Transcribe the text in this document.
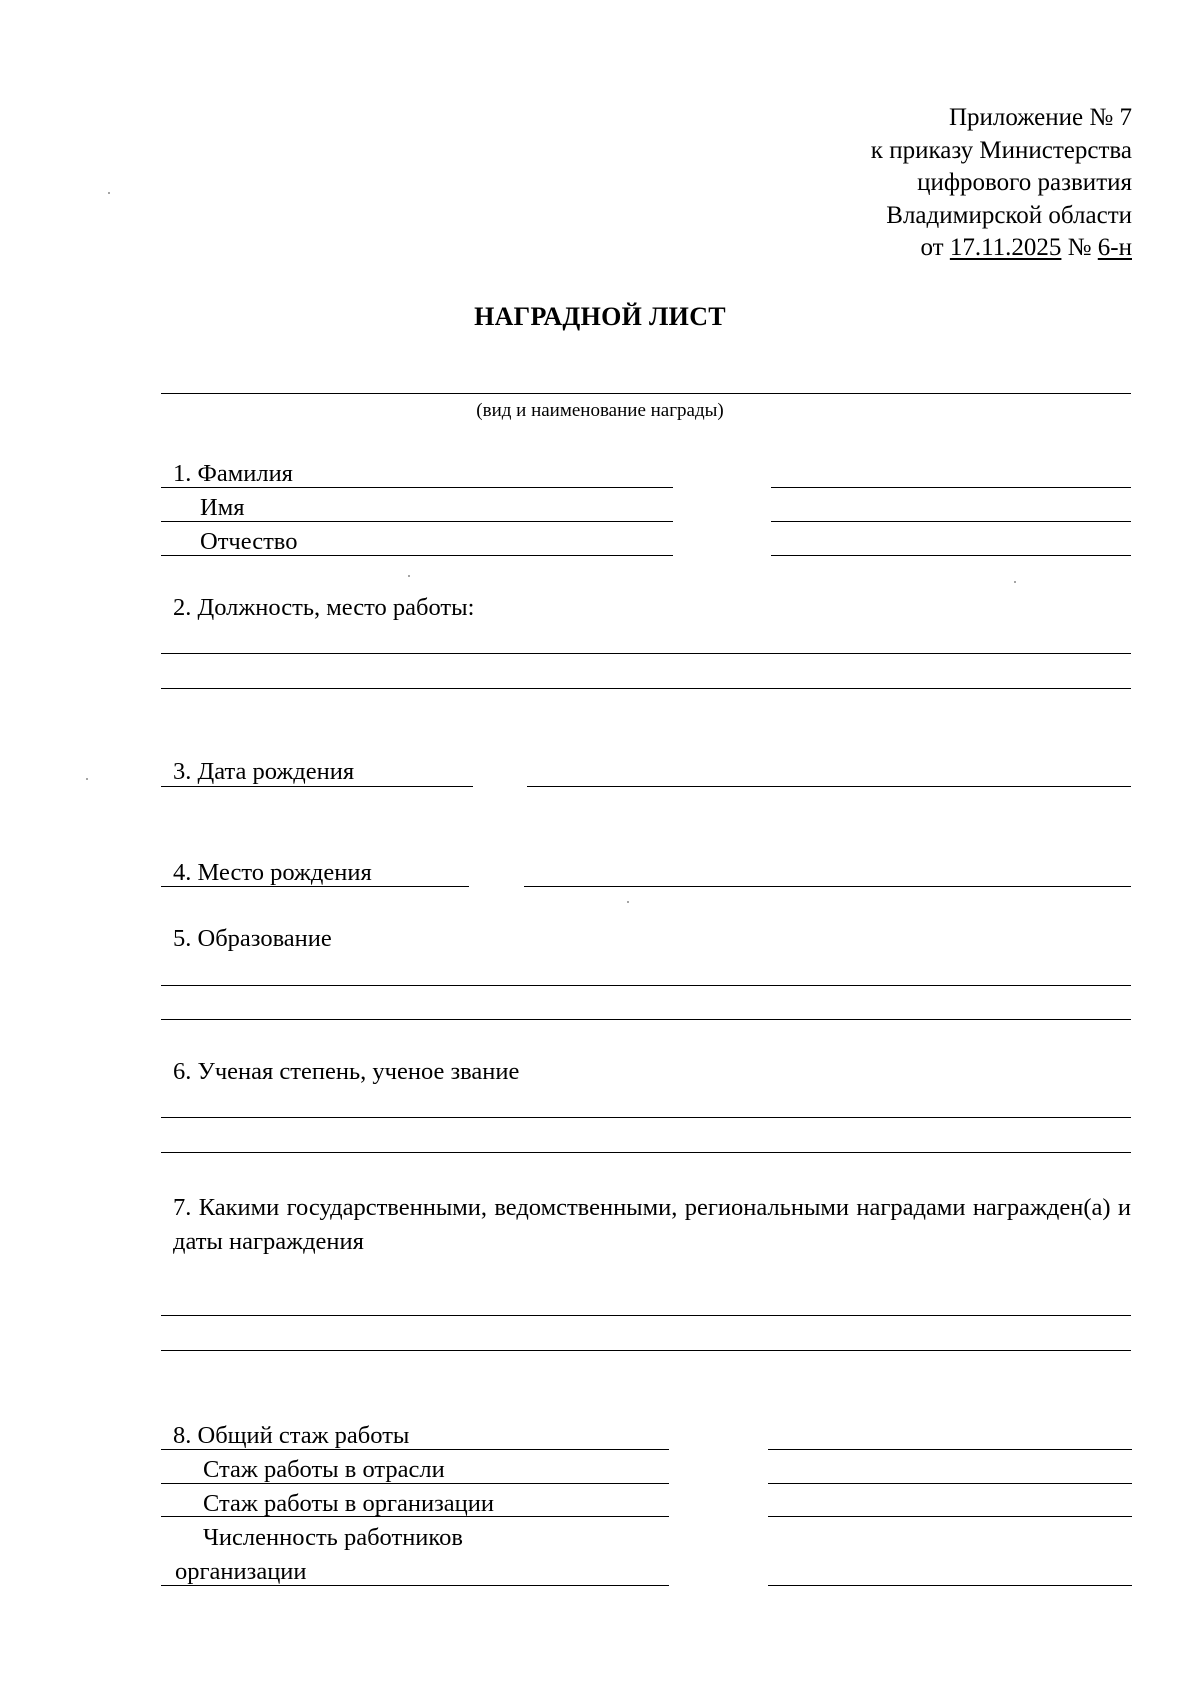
Приложение № 7
к приказу Министерства
цифрового развития
Владимирской области
от 17.11.2025 № 6-н
НАГРАДНОЙ ЛИСТ
(вид и наименование награды)
1. Фамилия
Имя
Отчество
2. Должность, место работы:
3. Дата рождения
4. Место рождения
5. Образование
6. Ученая степень, ученое звание
7. Какими государственными, ведомственными, региональными наградами награжден(а) и даты награждения
8. Общий стаж работы
Стаж работы в отрасли
Стаж работы в организации
Численность работников
организации
